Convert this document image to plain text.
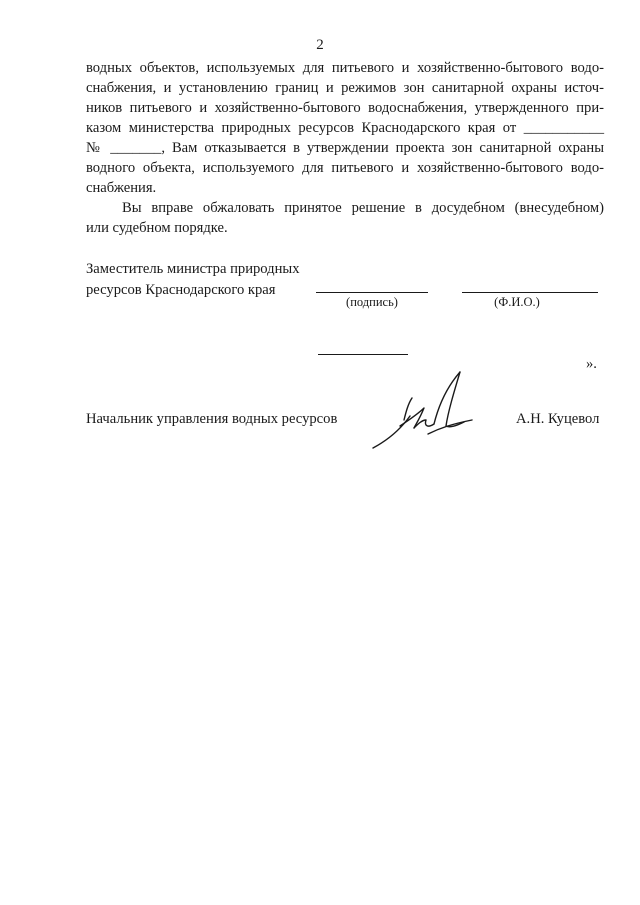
2

водных объектов, используемых для питьевого и хозяйственно-бытового водо-
снабжения, и установлению границ и режимов зон санитарной охраны источ-
ников питьевого и хозяйственно-бытового водоснабжения, утвержденного при-
казом министерства природных ресурсов Краснодарского края от ___________
№ _______, Вам отказывается в утверждении проекта зон санитарной охраны
водного объекта, используемого для питьевого и хозяйственно-бытового водо-
снабжения.

Вы вправе обжаловать принятое решение в досудебном (внесудебном)
или судебном порядке.

Заместитель министра природных
ресурсов Краснодарского края
(подпись)	(Ф.И.О.)
».
Начальник управления водных ресурсов	А.Н. Куцевол
